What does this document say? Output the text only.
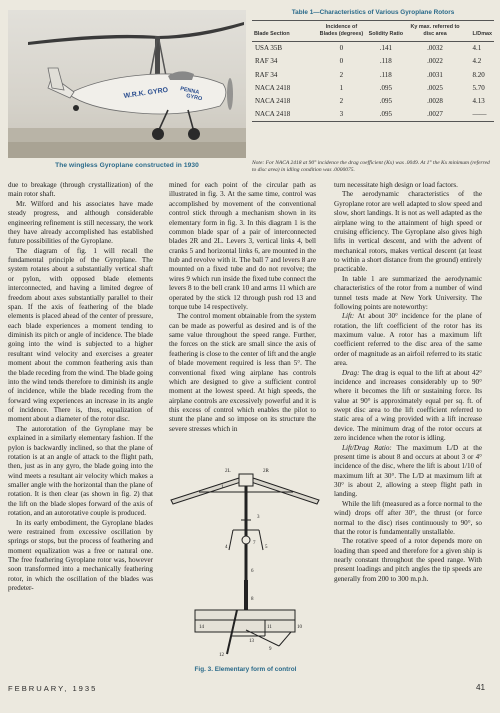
PENNA
GYRO
W.R.K. GYRO
The wingless Gyroplane constructed in 1930
Table 1—Characteristics of Various Gyroplane Rotors
Blade Section	Incidence of Blades (degrees)	Solidity Ratio	Ky max. referred to disc area	L/Dmax
USA 35B	0	.141	.0032	4.1
RAF 34	0	.118	.0022	4.2
RAF 34	2	.118	.0031	8.20
NACA 2418	1	.095	.0025	5.70
NACA 2418	2	.095	.0028	4.13
NACA 2418	3	.095	.0027	——
Note: For NACA 2418 at 90° incidence the drag coefficient (Kx) was .0049. At 1° the Kx minimum (referred to disc area) in idling condition was .0000075.

due to breakage (through crystallization) of the main rotor shaft.

Mr. Wilford and his associates have made steady progress, and although considerable engineering refinement is still necessary, the work they have already accomplished has established future possibilities of the Gyroplane.

The diagram of fig. 1 will recall the fundamental principle of the Gyroplane. The system rotates about a substantially vertical shaft or pylon, with opposed blade elements interconnected, and having a limited degree of freedom about axes substantially parallel to their span. If the axis of feathering of the blade elements is placed ahead of the center of pressure, each blade experiences a moment tending to diminish its pitch or angle of incidence. The blade going into the wind is subjected to a higher resultant wind velocity and exercises a greater moment about the common feathering axis than the blade receding from the wind. The blade going into the wind tends therefore to diminish its angle of incidence, while the blade receding from the forward wing experiences an increase in its angle of incidence. There is, thus, equalization of moment about a diameter of the rotor disc.

The autorotation of the Gyroplane may be explained in a similarly elementary fashion. If the pylon is backwardly inclined, so that the plane of rotation is at an angle of attack to the flight path, then, just as in any gyro, the blade going into the wind meets a resultant air velocity which makes a smaller angle with the horizontal than the plane of rotation. It is then clear (as shown in fig. 2) that the lift on the blade slopes forward of the axis of rotation, and an autorotative couple is produced.

In its early embodiment, the Gyroplane blades were restrained from excessive oscillation by springs or stops, but the process of feathering and moment equalization was a free or natural one. The free feathering Gyroplane rotor was, however soon transformed into a mechanically feathering rotor, in which the oscillation of the blades was predeter-

mined for each point of the circular path as illustrated in fig. 3. At the same time, control was accomplished by movement of the conventional control stick through a mechanism shown in its elementary form in fig. 3. In this diagram 1 is the common blade spar of a pair of interconnected blades 2R and 2L. Levers 3, vertical links 4, bell cranks 5 and horizontal links 6, are mounted in the hub and revolve with it. The ball 7 and levers 8 are mounted on a fixed tube and do not revolve; the wires 9 which run inside the fixed tube connect the levers 8 to the bell crank 10 and arms 11 which are operated by the stick 12 through push rod 13 and torque tube 14 respectively.

The control moment obtainable from the system can be made as powerful as desired and is of the same value throughout the speed range. Further, the forces on the stick are small since the axis of feathering is close to the center of lift and the angle of blade movement required is less than 5°. The conventional fixed wing airplane has controls which are designed to give a sufficient control moment at the lowest speed. At high speeds, the airplane controls are excessively powerful and it is this excess of control which enables the pilot to stunt the plane and so impose on its structure the severe stresses which in

2L	2R
1
3
4	5
7
6
8
9
10
11
12
13
14
Fig. 3. Elementary form of control

turn necessitate high design or load factors.

The aerodynamic characteristics of the Gyroplane rotor are well adapted to slow speed and slow, short landings. It is not as well adapted as the airplane wing to the attainment of high speed or cruising efficiency. The Gyroplane also gives high lifts in vertical descent, and with the advent of mechanical rotors, makes vertical descent (at least to within a short distance from the ground) entirely practicable.

In table 1 are summarized the aerodynamic characteristics of the rotor from a number of wind tunnel tests made at New York University. The following points are noteworthy:

Lift: At about 30° incidence for the plane of rotation, the lift coefficient of the rotor has its maximum value. A rotor has a maximum lift coefficient referred to the disc area of the same order of magnitude as an airfoil referred to its static area.

Drag: The drag is equal to the lift at about 42° incidence and increases considerably up to 90° where it becomes the lift or sustaining force. Its value at 90° is approximately equal per sq. ft. of swept disc area to the lift coefficient referred to static area of a wing provided with a lift increase device. The minimum drag of the rotor occurs at zero incidence when the rotor is idling.

Lift/Drag Ratio: The maximum L/D at the present time is about 8 and occurs at about 3 or 4° incidence of the disc, where the lift is about 1/10 of maximum lift at 30°. The L/D at maximum lift at 30° is about 2, allowing a steep flight path in landing.

While the lift (measured as a force normal to the wind) drops off after 30°, the thrust (or force normal to the disc) rises continuously to 90°, so that the rotor is fundamentally unstallable.

The rotative speed of a rotor depends more on loading than speed and therefore for a given ship is nearly constant throughout the speed range. With present loadings and pitch angles the tip speeds are generally from 200 to 300 m.p.h.

FEBRUARY, 1935	41
